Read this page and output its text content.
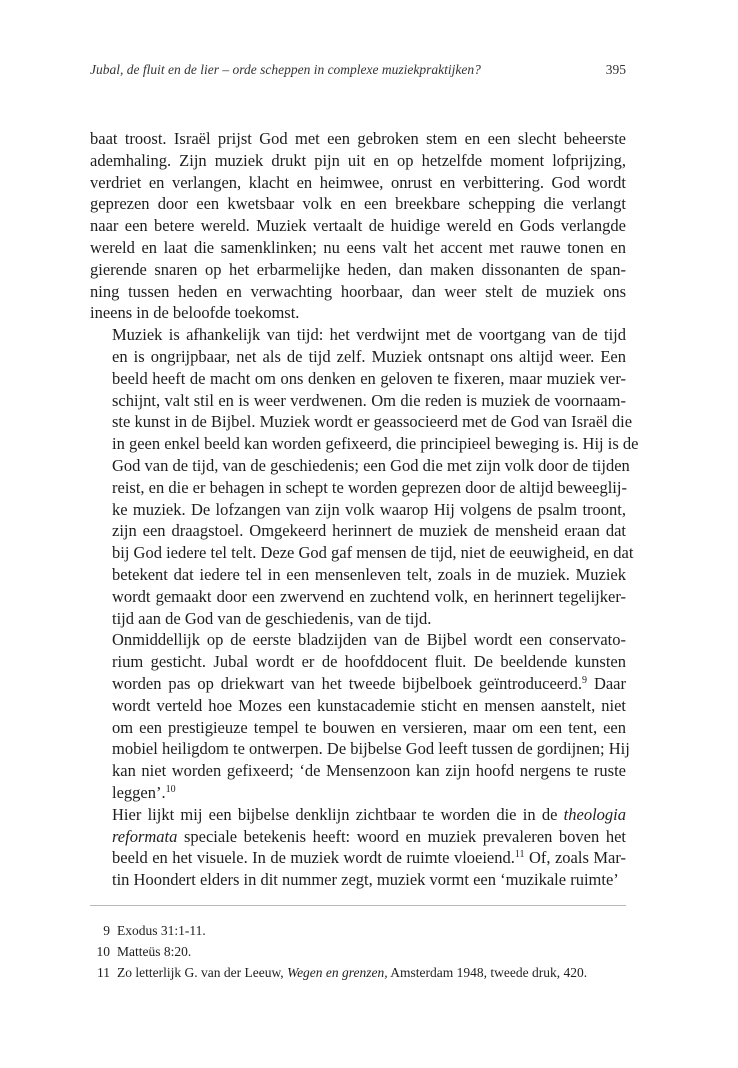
Jubal, de fluit en de lier – orde scheppen in complexe muziekpraktijken?	395

baat troost. Israël prijst God met een gebroken stem en een slecht beheerste
ademhaling. Zijn muziek drukt pijn uit en op hetzelfde moment lofprijzing,
verdriet en verlangen, klacht en heimwee, onrust en verbittering. God wordt
geprezen door een kwetsbaar volk en een breekbare schepping die verlangt
naar een betere wereld. Muziek vertaalt de huidige wereld en Gods verlangde
wereld en laat die samenklinken; nu eens valt het accent met rauwe tonen en
gierende snaren op het erbarmelijke heden, dan maken dissonanten de span-
ning tussen heden en verwachting hoorbaar, dan weer stelt de muziek ons
ineens in de beloofde toekomst.

Muziek is afhankelijk van tijd: het verdwijnt met de voortgang van de tijd
en is ongrijpbaar, net als de tijd zelf. Muziek ontsnapt ons altijd weer. Een
beeld heeft de macht om ons denken en geloven te fixeren, maar muziek ver-
schijnt, valt stil en is weer verdwenen. Om die reden is muziek de voornaam-
ste kunst in de Bijbel. Muziek wordt er geassocieerd met de God van Israël die
in geen enkel beeld kan worden gefixeerd, die principieel beweging is. Hij is de
God van de tijd, van de geschiedenis; een God die met zijn volk door de tijden
reist, en die er behagen in schept te worden geprezen door de altijd beweeglij-
ke muziek. De lofzangen van zijn volk waarop Hij volgens de psalm troont,
zijn een draagstoel. Omgekeerd herinnert de muziek de mensheid eraan dat
bij God iedere tel telt. Deze God gaf mensen de tijd, niet de eeuwigheid, en dat
betekent dat iedere tel in een mensenleven telt, zoals in de muziek. Muziek
wordt gemaakt door een zwervend en zuchtend volk, en herinnert tegelijker-
tijd aan de God van de geschiedenis, van de tijd.

Onmiddellijk op de eerste bladzijden van de Bijbel wordt een conservato-
rium gesticht. Jubal wordt er de hoofddocent fluit. De beeldende kunsten
worden pas op driekwart van het tweede bijbelboek geïntroduceerd.$^9$ Daar
wordt verteld hoe Mozes een kunstacademie sticht en mensen aanstelt, niet
om een prestigieuze tempel te bouwen en versieren, maar om een tent, een
mobiel heiligdom te ontwerpen. De bijbelse God leeft tussen de gordijnen; Hij
kan niet worden gefixeerd; ‘de Mensenzoon kan zijn hoofd nergens te ruste
leggen’.$^{10}$

Hier lijkt mij een bijbelse denklijn zichtbaar te worden die in de theologia
reformata speciale betekenis heeft: woord en muziek prevaleren boven het
beeld en het visuele. In de muziek wordt de ruimte vloeiend.$^{11}$ Of, zoals Mar-
tin Hoondert elders in dit nummer zegt, muziek vormt een ‘muzikale ruimte’

9 Exodus 31:1-11.
10 Matteüs 8:20.
11 Zo letterlijk G. van der Leeuw, Wegen en grenzen, Amsterdam 1948, tweede druk, 420.
